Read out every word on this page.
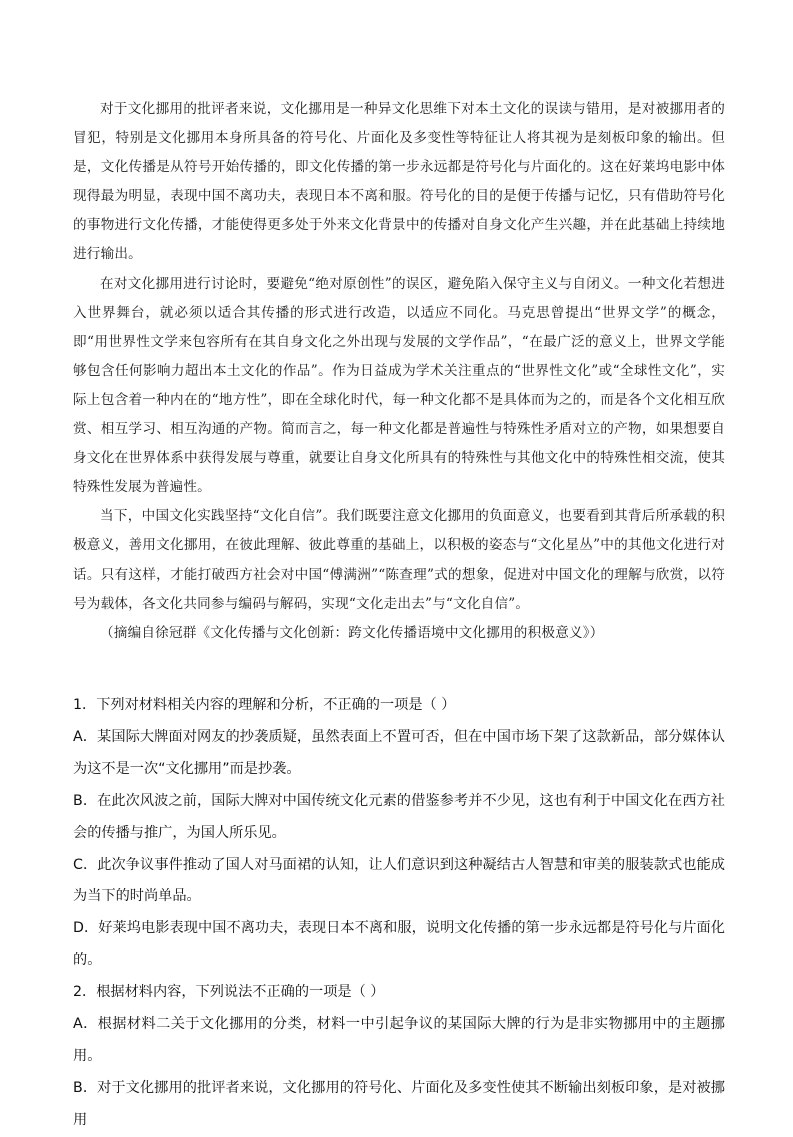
对于文化挪用的批评者来说，文化挪用是一种异文化思维下对本土文化的误读与错用，是对被挪用者的冒犯，特别是文化挪用本身所具备的符号化、片面化及多变性等特征让人将其视为是刻板印象的输出。但是，文化传播是从符号开始传播的，即文化传播的第一步永远都是符号化与片面化的。这在好莱坞电影中体现得最为明显，表现中国不离功夫，表现日本不离和服。符号化的目的是便于传播与记忆，只有借助符号化的事物进行文化传播，才能使得更多处于外来文化背景中的传播对自身文化产生兴趣，并在此基础上持续地进行输出。

在对文化挪用进行讨论时，要避免“绝对原创性”的误区，避免陷入保守主义与自闭义。一种文化若想进入世界舞台，就必须以适合其传播的形式进行改造，以适应不同化。马克思曾提出“世界文学”的概念，即“用世界性文学来包容所有在其自身文化之外出现与发展的文学作品”，“在最广泛的意义上，世界文学能够包含任何影响力超出本土文化的作品”。作为日益成为学术关注重点的“世界性文化”或“全球性文化”，实际上包含着一种内在的“地方性”，即在全球化时代，每一种文化都不是具体而为之的，而是各个文化相互欣赏、相互学习、相互沟通的产物。简而言之，每一种文化都是普遍性与特殊性矛盾对立的产物，如果想要自身文化在世界体系中获得发展与尊重，就要让自身文化所具有的特殊性与其他文化中的特殊性相交流，使其特殊性发展为普遍性。

当下，中国文化实践坚持“文化自信”。我们既要注意文化挪用的负面意义，也要看到其背后所承载的积极意义，善用文化挪用，在彼此理解、彼此尊重的基础上，以积极的姿态与“文化星丛”中的其他文化进行对话。只有这样，才能打破西方社会对中国“傅满洲”“陈查理”式的想象，促进对中国文化的理解与欣赏，以符号为载体，各文化共同参与编码与解码，实现“文化走出去”与“文化自信”。

（摘编自徐冠群《文化传播与文化创新：跨文化传播语境中文化挪用的积极意义》）

1．下列对材料相关内容的理解和分析，不正确的一项是（ ）

A．某国际大牌面对网友的抄袭质疑，虽然表面上不置可否，但在中国市场下架了这款新品，部分媒体认为这不是一次“文化挪用”而是抄袭。

B．在此次风波之前，国际大牌对中国传统文化元素的借鉴参考并不少见，这也有利于中国文化在西方社会的传播与推广，为国人所乐见。

C．此次争议事件推动了国人对马面裙的认知，让人们意识到这种凝结古人智慧和审美的服装款式也能成为当下的时尚单品。

D．好莱坞电影表现中国不离功夫，表现日本不离和服，说明文化传播的第一步永远都是符号化与片面化的。

2．根据材料内容，下列说法不正确的一项是（ ）

A．根据材料二关于文化挪用的分类，材料一中引起争议的某国际大牌的行为是非实物挪用中的主题挪用。

B．对于文化挪用的批评者来说，文化挪用的符号化、片面化及多变性使其不断输出刻板印象，是对被挪用
